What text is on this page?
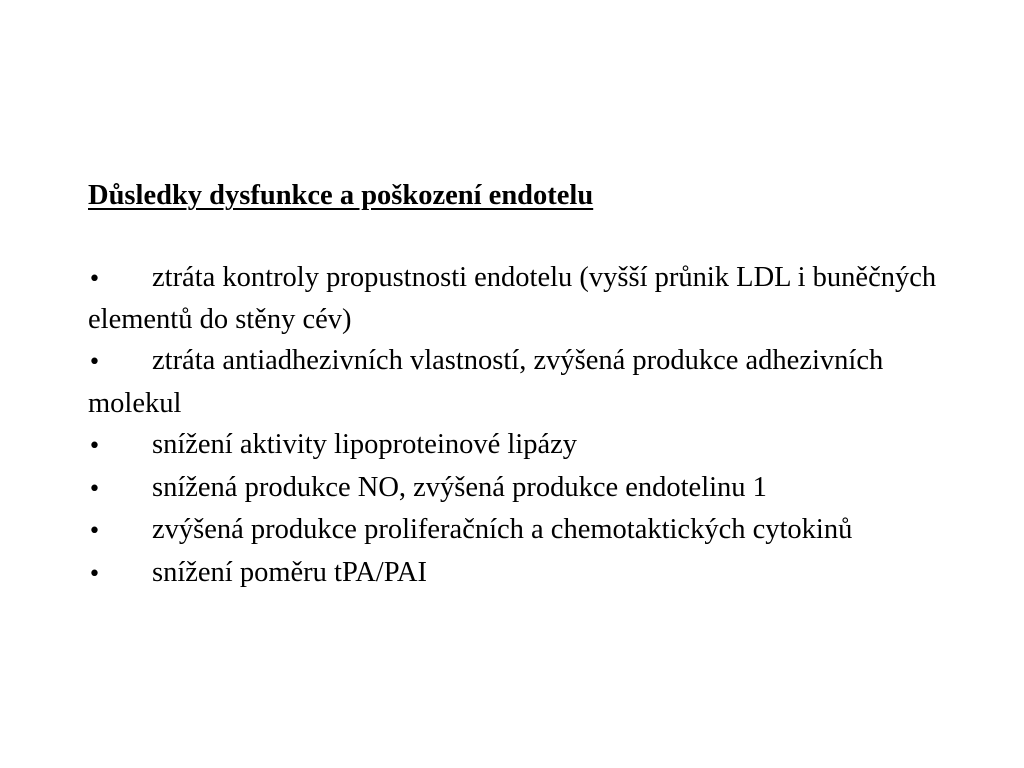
Důsledky dysfunkce a poškození endotelu

• ztráta kontroly propustnosti endotelu (vyšší průnik LDL i buněčných elementů do stěny cév)
• ztráta antiadhezivních vlastností, zvýšená produkce adhezivních molekul
• snížení aktivity lipoproteinové lipázy
• snížená produkce NO, zvýšená produkce endotelinu 1
• zvýšená produkce proliferačních a chemotaktických cytokinů
• snížení poměru tPA/PAI
